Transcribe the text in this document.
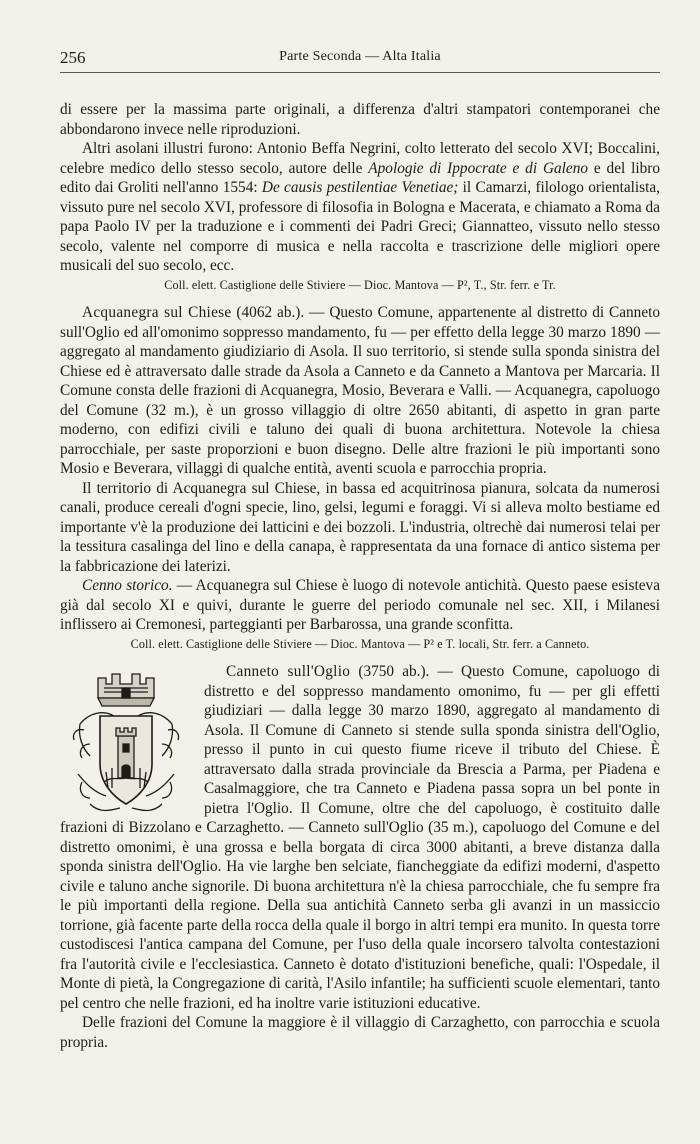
256	Parte Seconda — Alta Italia

di essere per la massima parte originali, a differenza d'altri stampatori contemporanei che abbondarono invece nelle riproduzioni.

Altri asolani illustri furono: Antonio Beffa Negrini, colto letterato del secolo XVI; Boccalini, celebre medico dello stesso secolo, autore delle Apologie di Ippocrate e di Galeno e del libro edito dai Groliti nell'anno 1554: De causis pestilentiae Venetiae; il Camarzi, filologo orientalista, vissuto pure nel secolo XVI, professore di filosofia in Bologna e Macerata, e chiamato a Roma da papa Paolo IV per la traduzione e i commenti dei Padri Greci; Giannatteo, vissuto nello stesso secolo, valente nel comporre di musica e nella raccolta e trascrizione delle migliori opere musicali del suo secolo, ecc.

Coll. elett. Castiglione delle Stiviere — Dioc. Mantova — P², T., Str. ferr. e Tr.

Acquanegra sul Chiese (4062 ab.). — Questo Comune, appartenente al distretto di Canneto sull'Oglio ed all'omonimo soppresso mandamento, fu — per effetto della legge 30 marzo 1890 — aggregato al mandamento giudiziario di Asola. Il suo territorio, si stende sulla sponda sinistra del Chiese ed è attraversato dalle strade da Asola a Canneto e da Canneto a Mantova per Marcaria. Il Comune consta delle frazioni di Acquanegra, Mosio, Beverara e Valli. — Acquanegra, capoluogo del Comune (32 m.), è un grosso villaggio di oltre 2650 abitanti, di aspetto in gran parte moderno, con edifizi civili e taluno dei quali di buona architettura. Notevole la chiesa parrocchiale, per saste proporzioni e buon disegno. Delle altre frazioni le più importanti sono Mosio e Beverara, villaggi di qualche entità, aventi scuola e parrocchia propria.

Il territorio di Acquanegra sul Chiese, in bassa ed acquitrinosa pianura, solcata da numerosi canali, produce cereali d'ogni specie, lino, gelsi, legumi e foraggi. Vi si alleva molto bestiame ed importante v'è la produzione dei latticini e dei bozzoli. L'industria, oltrechè dai numerosi telai per la tessitura casalinga del lino e della canapa, è rappresentata da una fornace di antico sistema per la fabbricazione dei laterizi.

Cenno storico. — Acquanegra sul Chiese è luogo di notevole antichità. Questo paese esisteva già dal secolo XI e quivi, durante le guerre del periodo comunale nel sec. XII, i Milanesi inflissero ai Cremonesi, parteggianti per Barbarossa, una grande sconfitta.

Coll. elett. Castiglione delle Stiviere — Dioc. Mantova — P² e T. locali, Str. ferr. a Canneto.

Canneto sull'Oglio (3750 ab.). — Questo Comune, capoluogo di distretto e del soppresso mandamento omonimo, fu — per gli effetti giudiziari — dalla legge 30 marzo 1890, aggregato al mandamento di Asola. Il Comune di Canneto si stende sulla sponda sinistra dell'Oglio, presso il punto in cui questo fiume riceve il tributo del Chiese. È attraversato dalla strada provinciale da Brescia a Parma, per Piadena e Casalmaggiore, che tra Canneto e Piadena passa sopra un bel ponte in pietra l'Oglio. Il Comune, oltre che del capoluogo, è costituito dalle frazioni di Bizzolano e Carzaghetto. — Canneto sull'Oglio (35 m.), capoluogo del Comune e del distretto omonimi, è una grossa e bella borgata di circa 3000 abitanti, a breve distanza dalla sponda sinistra dell'Oglio. Ha vie larghe ben selciate, fiancheggiate da edifizi moderni, d'aspetto civile e taluno anche signorile. Di buona architettura n'è la chiesa parrocchiale, che fu sempre fra le più importanti della regione. Della sua antichità Canneto serba gli avanzi in un massiccio torrione, già facente parte della rocca della quale il borgo in altri tempi era munito. In questa torre custodiscesi l'antica campana del Comune, per l'uso della quale incorsero talvolta contestazioni fra l'autorità civile e l'ecclesiastica. Canneto è dotato d'istituzioni benefiche, quali: l'Ospedale, il Monte di pietà, la Congregazione di carità, l'Asilo infantile; ha sufficienti scuole elementari, tanto pel centro che nelle frazioni, ed ha inoltre varie istituzioni educative.

Delle frazioni del Comune la maggiore è il villaggio di Carzaghetto, con parrocchia e scuola propria.
